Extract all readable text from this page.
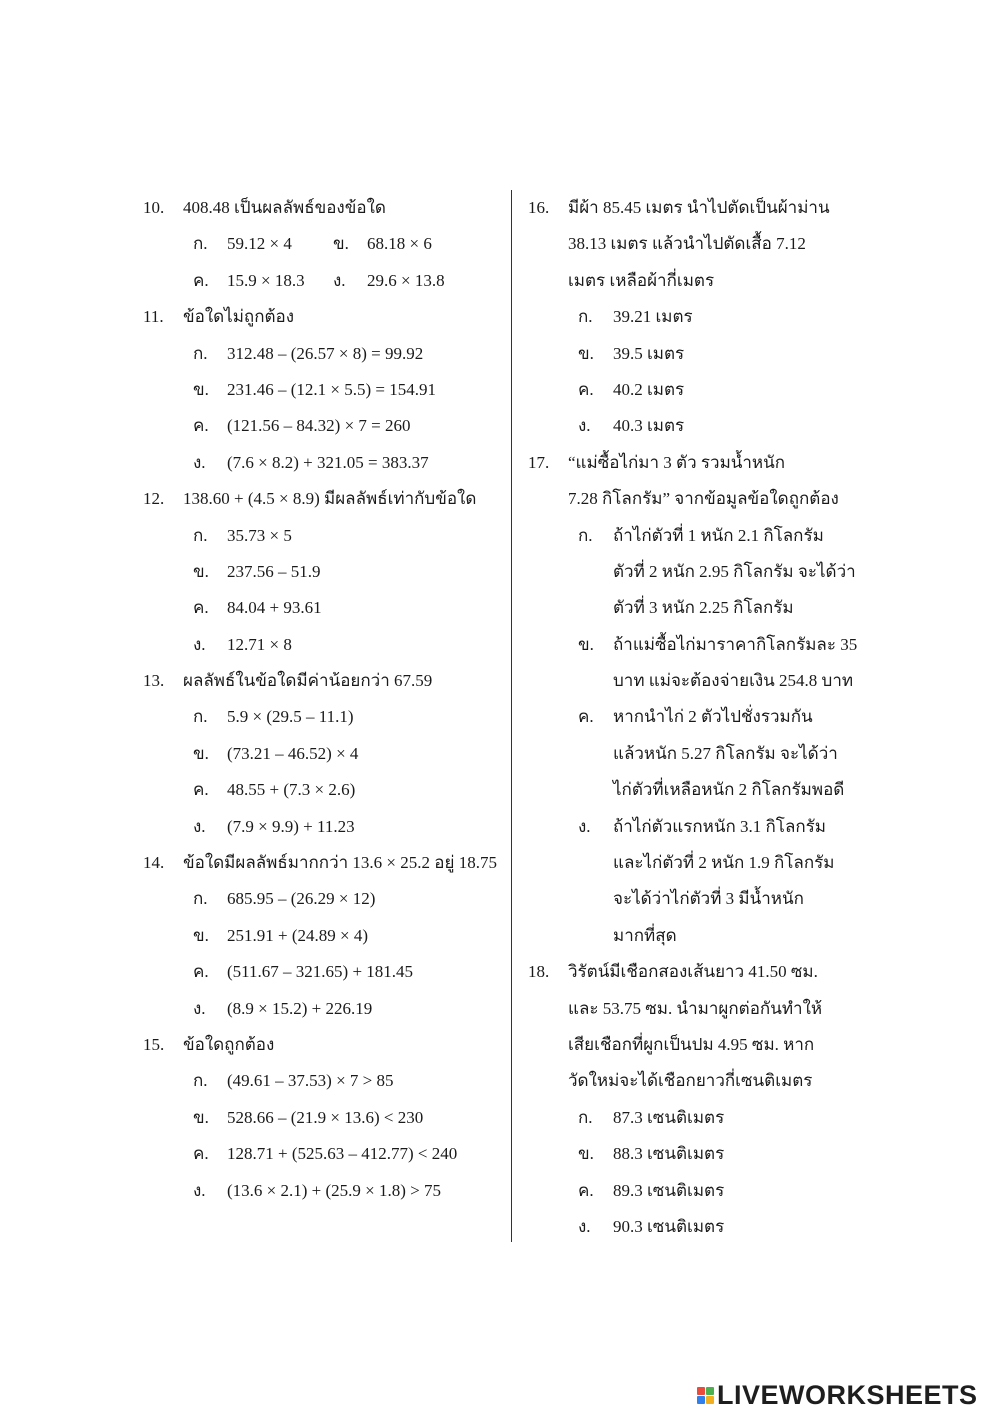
10. 408.48 เป็นผลลัพธ์ของข้อใด
ก. 59.12 × 4 ข. 68.18 × 6
ค. 15.9 × 18.3 ง. 29.6 × 13.8
11. ข้อใดไม่ถูกต้อง
ก. 312.48 – (26.57 × 8) = 99.92
ข. 231.46 – (12.1 × 5.5) = 154.91
ค. (121.56 – 84.32) × 7 = 260
ง. (7.6 × 8.2) + 321.05 = 383.37
12. 138.60 + (4.5 × 8.9) มีผลลัพธ์เท่ากับข้อใด
ก. 35.73 × 5
ข. 237.56 – 51.9
ค. 84.04 + 93.61
ง. 12.71 × 8
13. ผลลัพธ์ในข้อใดมีค่าน้อยกว่า 67.59
ก. 5.9 × (29.5 – 11.1)
ข. (73.21 – 46.52) × 4
ค. 48.55 + (7.3 × 2.6)
ง. (7.9 × 9.9) + 11.23
14. ข้อใดมีผลลัพธ์มากกว่า 13.6 × 25.2 อยู่ 18.75
ก. 685.95 – (26.29 × 12)
ข. 251.91 + (24.89 × 4)
ค. (511.67 – 321.65) + 181.45
ง. (8.9 × 15.2) + 226.19
15. ข้อใดถูกต้อง
ก. (49.61 – 37.53) × 7 > 85
ข. 528.66 – (21.9 × 13.6) < 230
ค. 128.71 + (525.63 – 412.77) < 240
ง. (13.6 × 2.1) + (25.9 × 1.8) > 75
16. มีผ้า 85.45 เมตร นำไปตัดเป็นผ้าม่าน
38.13 เมตร แล้วนำไปตัดเสื้อ 7.12
เมตร เหลือผ้ากี่เมตร
ก. 39.21 เมตร
ข. 39.5 เมตร
ค. 40.2 เมตร
ง. 40.3 เมตร
17. “แม่ซื้อไก่มา 3 ตัว รวมน้ำหนัก
7.28 กิโลกรัม” จากข้อมูลข้อใดถูกต้อง
ก. ถ้าไก่ตัวที่ 1 หนัก 2.1 กิโลกรัม
ตัวที่ 2 หนัก 2.95 กิโลกรัม จะได้ว่า
ตัวที่ 3 หนัก 2.25 กิโลกรัม
ข. ถ้าแม่ซื้อไก่มาราคากิโลกรัมละ 35
บาท แม่จะต้องจ่ายเงิน 254.8 บาท
ค. หากนำไก่ 2 ตัวไปชั่งรวมกัน
แล้วหนัก 5.27 กิโลกรัม จะได้ว่า
ไก่ตัวที่เหลือหนัก 2 กิโลกรัมพอดี
ง. ถ้าไก่ตัวแรกหนัก 3.1 กิโลกรัม
และไก่ตัวที่ 2 หนัก 1.9 กิโลกรัม
จะได้ว่าไก่ตัวที่ 3 มีน้ำหนัก
มากที่สุด
18. วิรัตน์มีเชือกสองเส้นยาว 41.50 ซม.
และ 53.75 ซม. นำมาผูกต่อกันทำให้
เสียเชือกที่ผูกเป็นปม 4.95 ซม. หาก
วัดใหม่จะได้เชือกยาวกี่เซนติเมตร
ก. 87.3 เซนติเมตร
ข. 88.3 เซนติเมตร
ค. 89.3 เซนติเมตร
ง. 90.3 เซนติเมตร
LIVEWORKSHEETS
